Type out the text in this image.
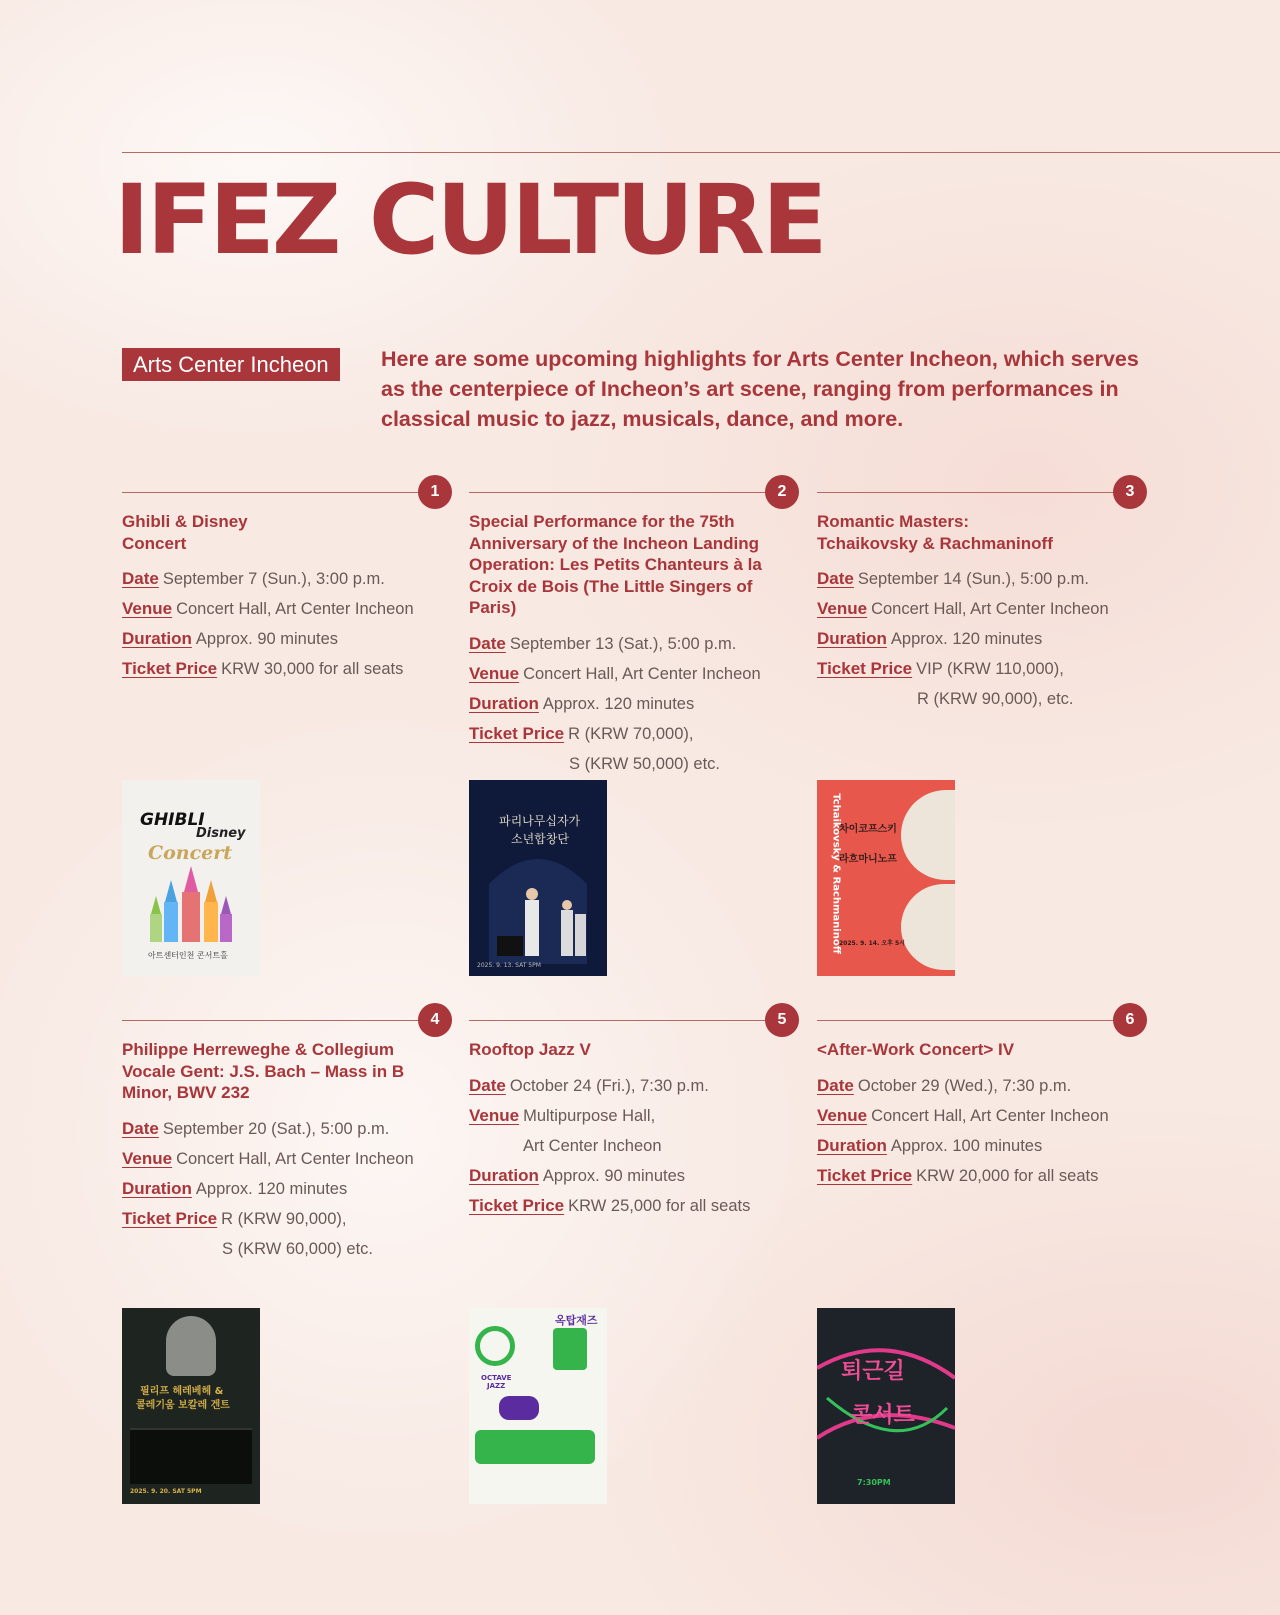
IFEZ CULTURE
Arts Center Incheon	Here are some upcoming highlights for Arts Center Incheon, which serves as the centerpiece of Incheon’s art scene, ranging from performances in classical music to jazz, musicals, dance, and more.

1
Ghibli & Disney
Concert
Date September 7 (Sun.), 3:00 p.m.
Venue Concert Hall, Art Center Incheon
Duration Approx. 90 minutes
Ticket Price KRW 30,000 for all seats
2
Special Performance for the 75th Anniversary of the Incheon Landing Operation: Les Petits Chanteurs à la Croix de Bois (The Little Singers of Paris)
Date September 13 (Sat.), 5:00 p.m.
Venue Concert Hall, Art Center Incheon
Duration Approx. 120 minutes
Ticket Price R (KRW 70,000),
S (KRW 50,000) etc.
3
Romantic Masters:
Tchaikovsky & Rachmaninoff
Date September 14 (Sun.), 5:00 p.m.
Venue Concert Hall, Art Center Incheon
Duration Approx. 120 minutes
Ticket Price VIP (KRW 110,000),
R (KRW 90,000), etc.
4
Philippe Herreweghe & Collegium Vocale Gent: J.S. Bach – Mass in B Minor, BWV 232
Date September 20 (Sat.), 5:00 p.m.
Venue Concert Hall, Art Center Incheon
Duration Approx. 120 minutes
Ticket Price R (KRW 90,000),
S (KRW 60,000) etc.
5
Rooftop Jazz V
Date October 24 (Fri.), 7:30 p.m.
Venue Multipurpose Hall,
Art Center Incheon
Duration Approx. 90 minutes
Ticket Price KRW 25,000 for all seats
6
<After-Work Concert> IV
Date October 29 (Wed.), 7:30 p.m.
Venue Concert Hall, Art Center Incheon
Duration Approx. 100 minutes
Ticket Price KRW 20,000 for all seats
GHIBLI
Disney
Concert
아트센터인천 콘서트홀
파리나무십자가
소년합창단
2025. 9. 13. SAT 5PM
Tchaikovsky & Rachmaninoff
차이코프스키
라흐마니노프
2025. 9. 14. 오후 5시
필리프 헤레베헤 &
콜레기움 보칼레 겐트
2025. 9. 20. SAT 5PM
옥탑재즈
OCTAVE
JAZZ
퇴근길
콘서트
7:30PM
